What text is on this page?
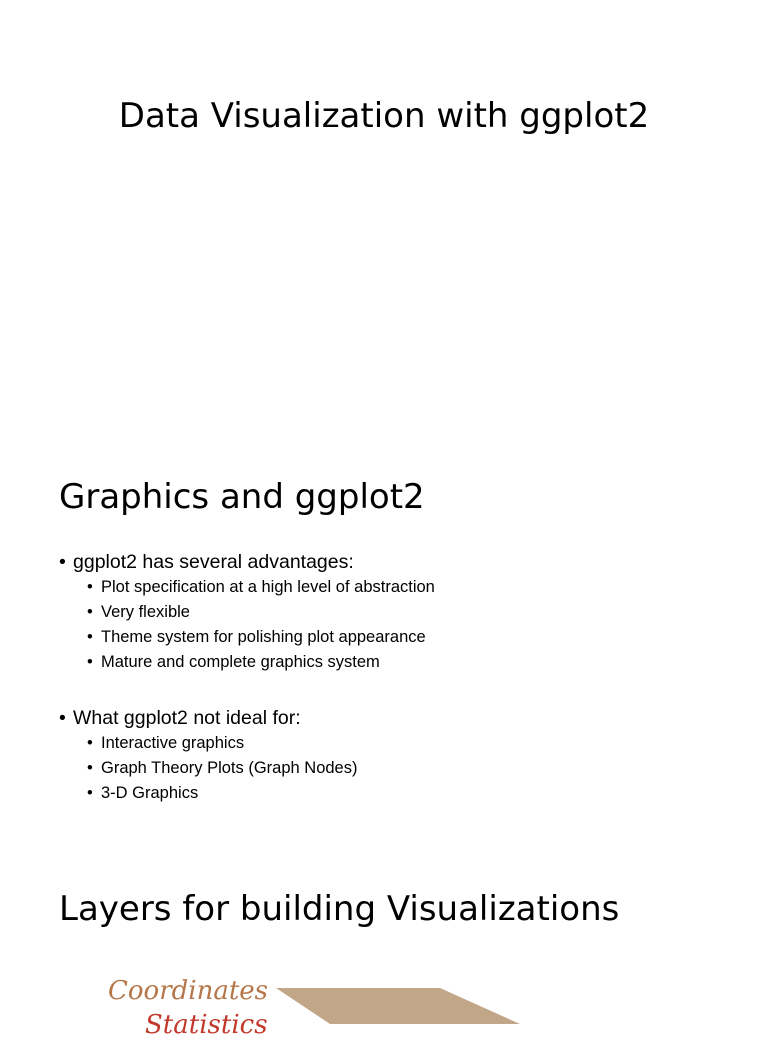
Data Visualization with ggplot2
Graphics and ggplot2
• ggplot2 has several advantages:
• Plot specification at a high level of abstraction
• Very flexible
• Theme system for polishing plot appearance
• Mature and complete graphics system
• What ggplot2 not ideal for:
• Interactive graphics
• Graph Theory Plots (Graph Nodes)
• 3-D Graphics
Layers for building Visualizations
Coordinates
Statistics
